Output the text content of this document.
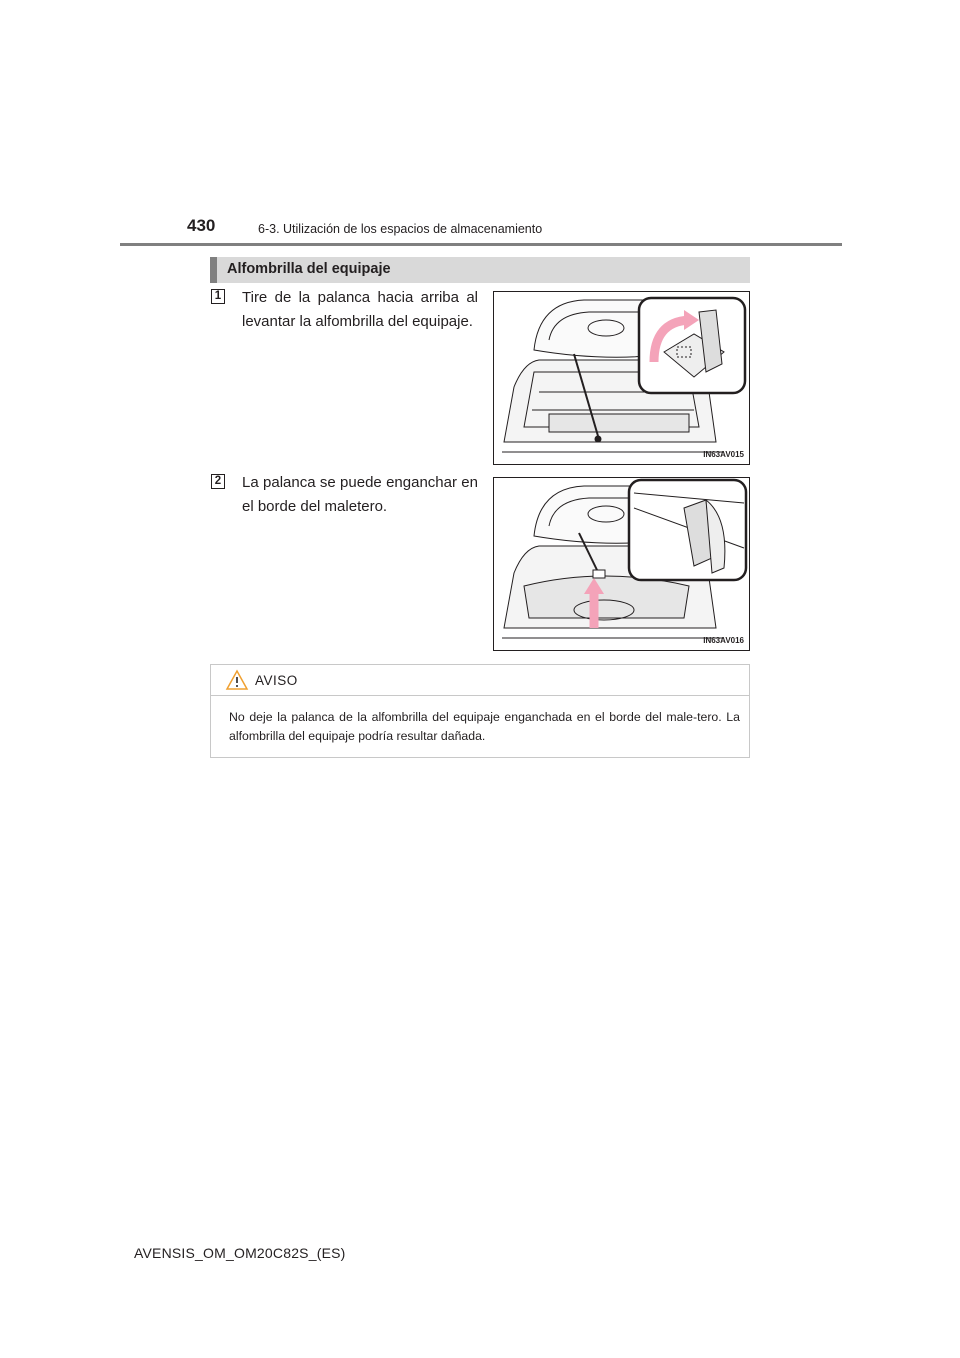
430	6-3. Utilización de los espacios de almacenamiento
Alfombrilla del equipaje
1 Tire de la palanca hacia arriba al levantar la alfombrilla del equipaje.
IN63AV015
2 La palanca se puede enganchar en el borde del maletero.
IN63AV016
AVISO
No deje la palanca de la alfombrilla del equipaje enganchada en el borde del male-tero. La alfombrilla del equipaje podría resultar dañada.
AVENSIS_OM_OM20C82S_(ES)
